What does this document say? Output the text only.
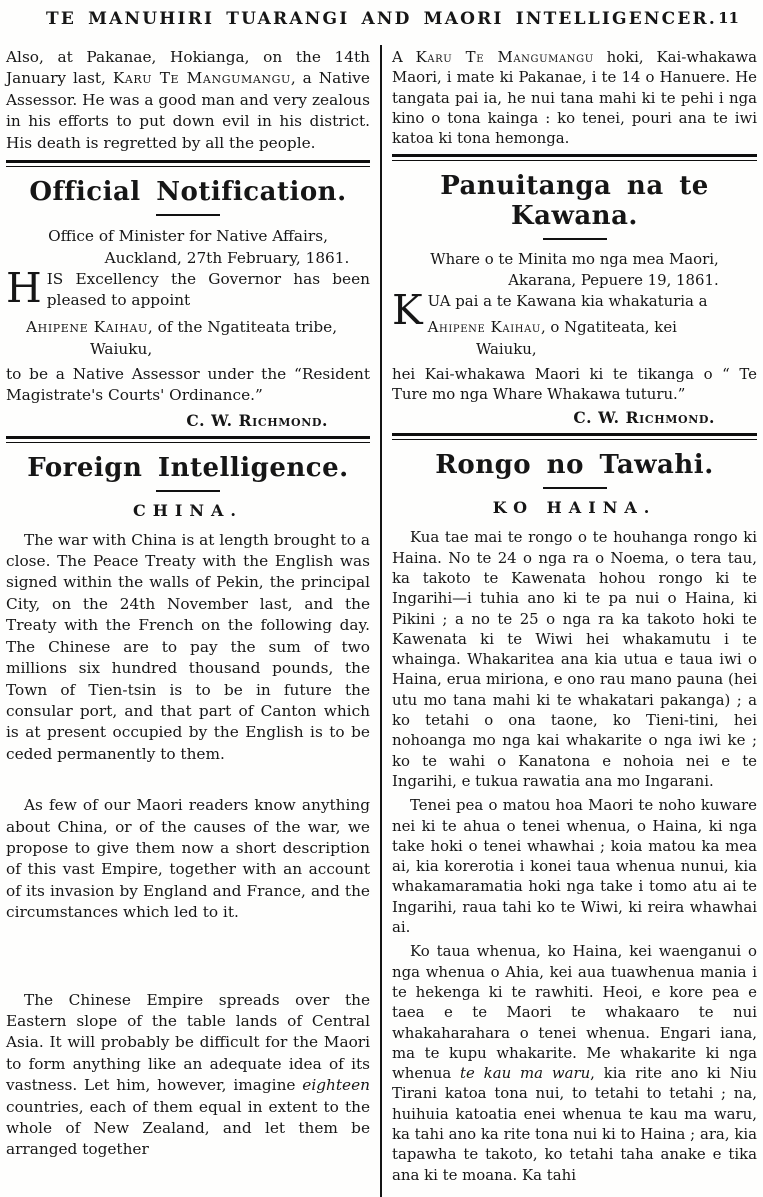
TE MANUHIRI TUARANGI AND MAORI INTELLIGENCER. 11

Also, at Pakanae, Hokianga, on the 14th January last, Karu Te Mangumangu, a Native Assessor. He was a good man and very zealous in his efforts to put down evil in his district. His death is regretted by all the people.

Official Notification.

Office of Minister for Native Affairs,

Auckland, 27th February, 1861.

HIS Excellency the Governor has been pleased to appoint

Ahipene Kaihau, of the Ngatiteata tribe,

Waiuku,

to be a Native Assessor under the “Resident Magistrate's Courts' Ordinance.”

C. W. Richmond.

Foreign Intelligence.
CHINA.

The war with China is at length brought to a close. The Peace Treaty with the English was signed within the walls of Pekin, the principal City, on the 24th November last, and the Treaty with the French on the following day. The Chinese are to pay the sum of two millions six hundred thousand pounds, the Town of Tien-tsin is to be in future the consular port, and that part of Canton which is at present occupied by the English is to be ceded permanently to them.

As few of our Maori readers know anything about China, or of the causes of the war, we propose to give them now a short description of this vast Empire, together with an account of its invasion by England and France, and the circumstances which led to it.

The Chinese Empire spreads over the Eastern slope of the table lands of Central Asia. It will probably be difficult for the Maori to form anything like an adequate idea of its vastness. Let him, however, imagine eighteen countries, each of them equal in extent to the whole of New Zealand, and let them be arranged together

A Karu Te Mangumangu hoki, Kai-whakawa Maori, i mate ki Pakanae, i te 14 o Hanuere. He tangata pai ia, he nui tana mahi ki te pehi i nga kino o tona kainga : ko tenei, pouri ana te iwi katoa ki tona hemonga.

Panuitanga na te Kawana.

Whare o te Minita mo nga mea Maori,

Akarana, Pepuere 19, 1861.

KUA pai a te Kawana kia whakaturia a

Ahipene Kaihau, o Ngatiteata, kei

Waiuku,

hei Kai-whakawa Maori ki te tikanga o “ Te Ture mo nga Whare Whakawa tuturu.”

C. W. Richmond.

Rongo no Tawahi.
KO HAINA.

Kua tae mai te rongo o te houhanga rongo ki Haina. No te 24 o nga ra o Noema, o tera tau, ka takoto te Kawenata hohou rongo ki te Ingarihi—i tuhia ano ki te pa nui o Haina, ki Pikini ; a no te 25 o nga ra ka takoto hoki te Kawenata ki te Wiwi hei whakamutu i te whainga. Whakaritea ana kia utua e taua iwi o Haina, erua miriona, e ono rau mano pauna (hei utu mo tana mahi ki te whakatari pakanga) ; a ko tetahi o ona taone, ko Tieni-tini, hei nohoanga mo nga kai whakarite o nga iwi ke ; ko te wahi o Kanatona e nohoia nei e te Ingarihi, e tukua rawatia ana mo Ingarani.

Tenei pea o matou hoa Maori te noho kuware nei ki te ahua o tenei whenua, o Haina, ki nga take hoki o tenei whawhai ; koia matou ka mea ai, kia korerotia i konei taua whenua nunui, kia whakamaramatia hoki nga take i tomo atu ai te Ingarihi, raua tahi ko te Wiwi, ki reira whawhai ai.

Ko taua whenua, ko Haina, kei waenganui o nga whenua o Ahia, kei aua tuawhenua mania i te hekenga ki te rawhiti. Heoi, e kore pea e taea e te Maori te whakaaro te nui whakaharahara o tenei whenua. Engari iana, ma te kupu whakarite. Me whakarite ki nga whenua te kau ma waru, kia rite ano ki Niu Tirani katoa tona nui, to tetahi to tetahi ; na, huihuia katoatia enei whenua te kau ma waru, ka tahi ano ka rite tona nui ki to Haina ; ara, kia tapawha te takoto, ko tetahi taha anake e tika ana ki te moana. Ka tahi
